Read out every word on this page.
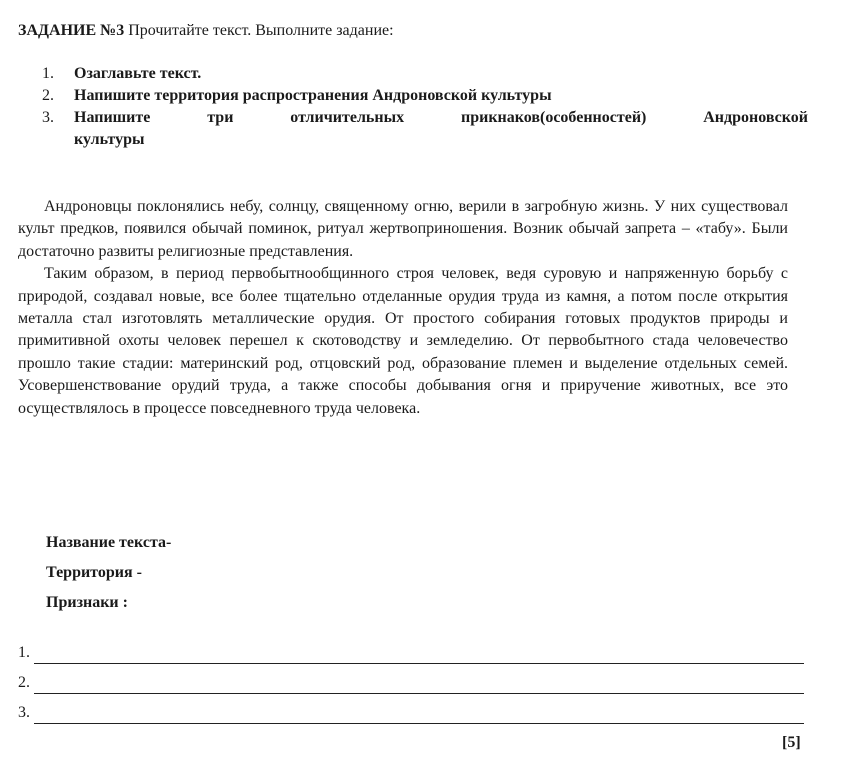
ЗАДАНИЕ №3 Прочитайте текст. Выполните задание:
1.	Озаглавьте текст.
2.	Напишите территория распространения Андроновской культуры
3.	Напишите три отличительных прикнаков(особенностей) Андроновской
культуры

Андроновцы поклонялись небу, солнцу, священному огню, верили в загробную жизнь. У них существовал культ предков, появился обычай поминок, ритуал жертвоприношения. Возник обычай запрета – «табу». Были достаточно развиты религиозные представления.

Таким образом, в период первобытнообщинного строя человек, ведя суровую и напряженную борьбу с природой, создавал новые, все более тщательно отделанные орудия труда из камня, а потом после открытия металла стал изготовлять металлические орудия. От простого собирания готовых продуктов природы и примитивной охоты человек перешел к скотоводству и земледелию. От первобытного стада человечество прошло такие стадии: материнский род, отцовский род, образование племен и выделение отдельных семей. Усовершенствование орудий труда, а также способы добывания огня и приручение животных, все это осуществлялось в процессе повседневного труда человека.

Название текста-
Территория -
Признаки :
1.
2.
3.
[5]
